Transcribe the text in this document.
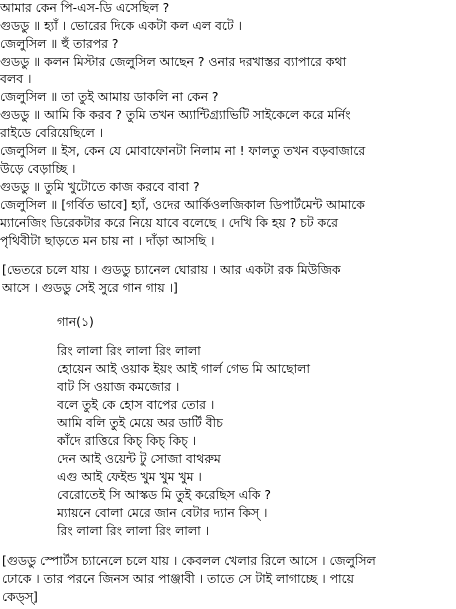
আমার কেন পি-এস-ডি এসেছিল ?
গুডডু ॥ হ্যাঁ । ভোরের দিকে একটা কল এল বটে ।
জেলুসিল ॥ হুঁ তারপর ?
গুডডু ॥ কলন মিস্টার জেলুসিল আছেন ? ওনার দরখাস্তর ব্যাপারে কথা
বলব ।
জেলুসিল ॥ তা তুই আমায় ডাকলি না কেন ?
গুডডু ॥ আমি কি করব ? তুমি তখন অ্যান্টিগ্র্যাভিটি সাইকেলে করে মর্নিং
রাইডে বেরিয়েছিলে ।
জেলুসিল ॥ ইস, কেন যে মোবাফোনটা নিলাম না ! ফালতু তখন বড়বাজারে
উড়ে বেড়াচ্ছি ।
গুডডু ॥ তুমি খুটোতে কাজ করবে বাবা ?
জেলুসিল ॥ [গর্বিত ভাবে] হ্যাঁ, ওদের আর্কিওলজিকাল ডিপার্টমেন্ট আমাকে
ম্যানেজিং ডিরেকটার করে নিয়ে যাবে বলেছে । দেখি কি হয় ? চট করে
পৃথিবীটা ছাড়তে মন চায় না । দাঁড়া আসছি ।
[ভেতরে চলে যায় । গুডডু চ্যানেল ঘোরায় । আর একটা রক মিউজিক
আসে । গুডডু সেই সুরে গান গায় ।]
গান(১)
রিং লালা রিং লালা রিং লালা
হোয়েন আই ওয়াক ইয়ং আই গার্ল গেভ মি আছোলা
বাট সি ওয়াজ কমজোর ।
বলে তুই কে হোস বাপের তোর ।
আমি বলি তুই মেয়ে অর ডার্টি বীচ
কাঁদে রাত্তিরে কিচ্ কিচ্ কিচ্ ।
দেন আই ওয়েন্ট টু সোজা বাথরুম
এগু আই ফেইন্ড খুম খুম খুম ।
বেরোতেই সি আস্কড মি তুই করেছিস একি ?
ম্যায়নে বোলা মেরে জান বেটার দ্যান কিস্ ।
রিং লালা রিং লালা রিং লালা ।
[গুডডু স্পোর্টস চ্যানেলে চলে যায় । কেবলল খেলার রিলে আসে । জেলুসিল
ঢোকে । তার পরনে জিনস আর পাঞ্জাবী । তাতে সে টাই লাগাচ্ছে । পায়ে
কেড্স্]
